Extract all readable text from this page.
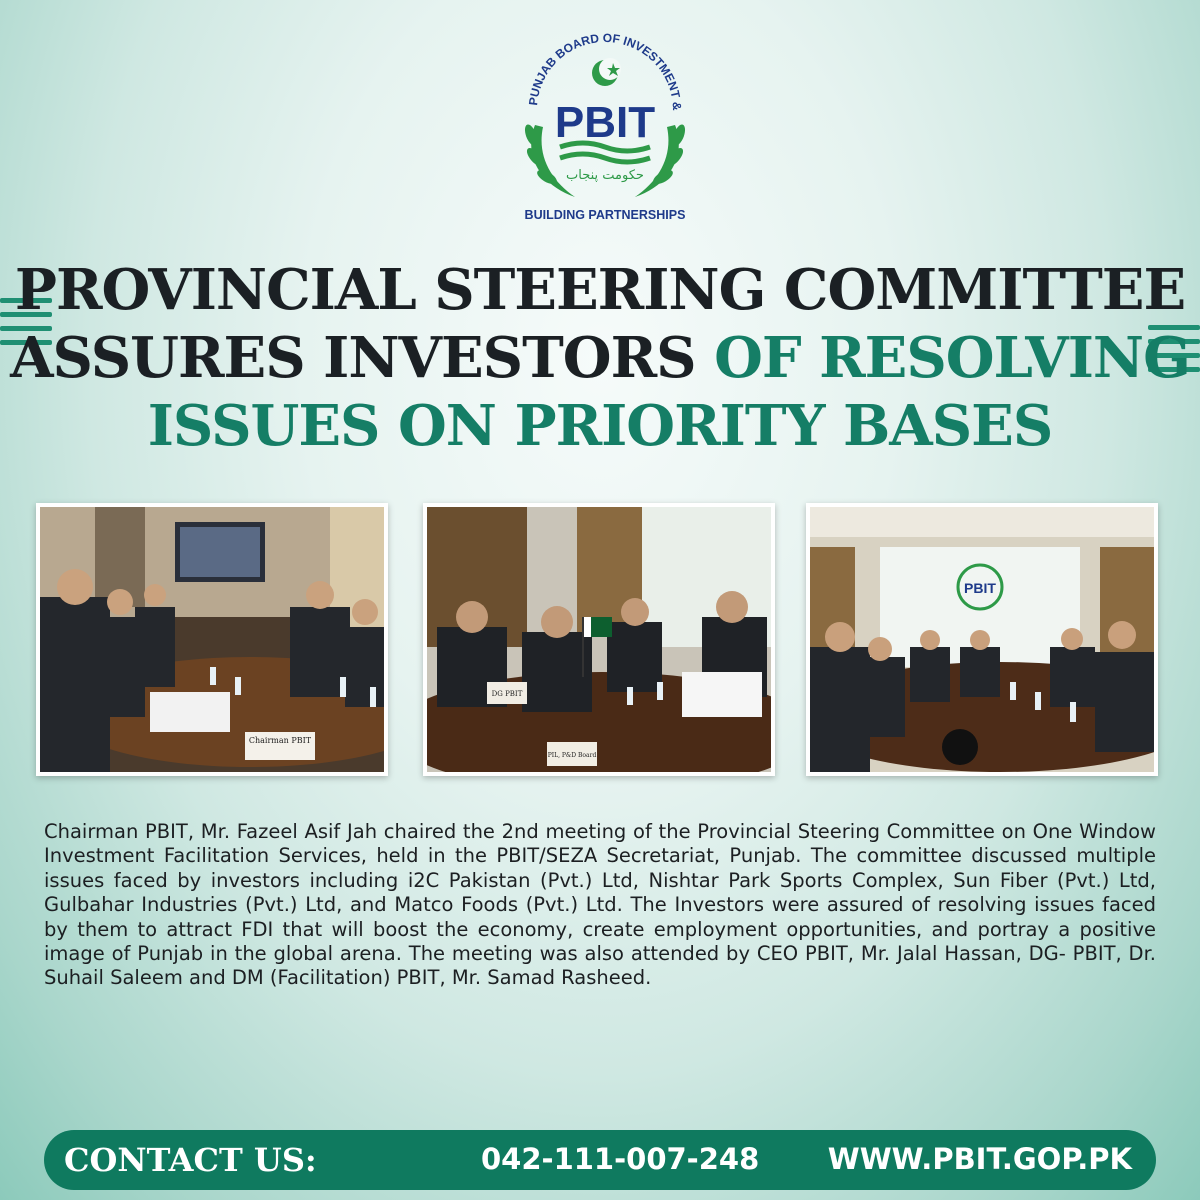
PUNJAB BOARD OF INVESTMENT &
PBIT
حکومت پنجاب
BUILDING PARTNERSHIPS
PROVINCIAL STEERING COMMITTEE
ASSURES INVESTORS OF RESOLVING
ISSUES ON PRIORITY BASES
Chairman PBIT
DG PBIT
PIL, P&D Board
PBIT
Chairman PBIT, Mr. Fazeel Asif Jah chaired the 2nd meeting of the Provincial Steering Committee on One Window Investment Facilitation Services, held in the PBIT/SEZA Secretariat, Punjab. The committee discussed multiple issues faced by investors including i2C Pakistan (Pvt.) Ltd, Nishtar Park Sports Complex, Sun Fiber (Pvt.) Ltd, Gulbahar Industries (Pvt.) Ltd, and Matco Foods (Pvt.) Ltd. The Investors were assured of resolving issues faced by them to attract FDI that will boost the economy, create employment opportunities, and portray a positive image of Punjab in the global arena. The meeting was also attended by CEO PBIT, Mr. Jalal Hassan, DG- PBIT, Dr. Suhail Saleem and DM (Facilitation) PBIT, Mr. Samad Rasheed.
CONTACT US:	042-111-007-248 WWW.PBIT.GOP.PK
